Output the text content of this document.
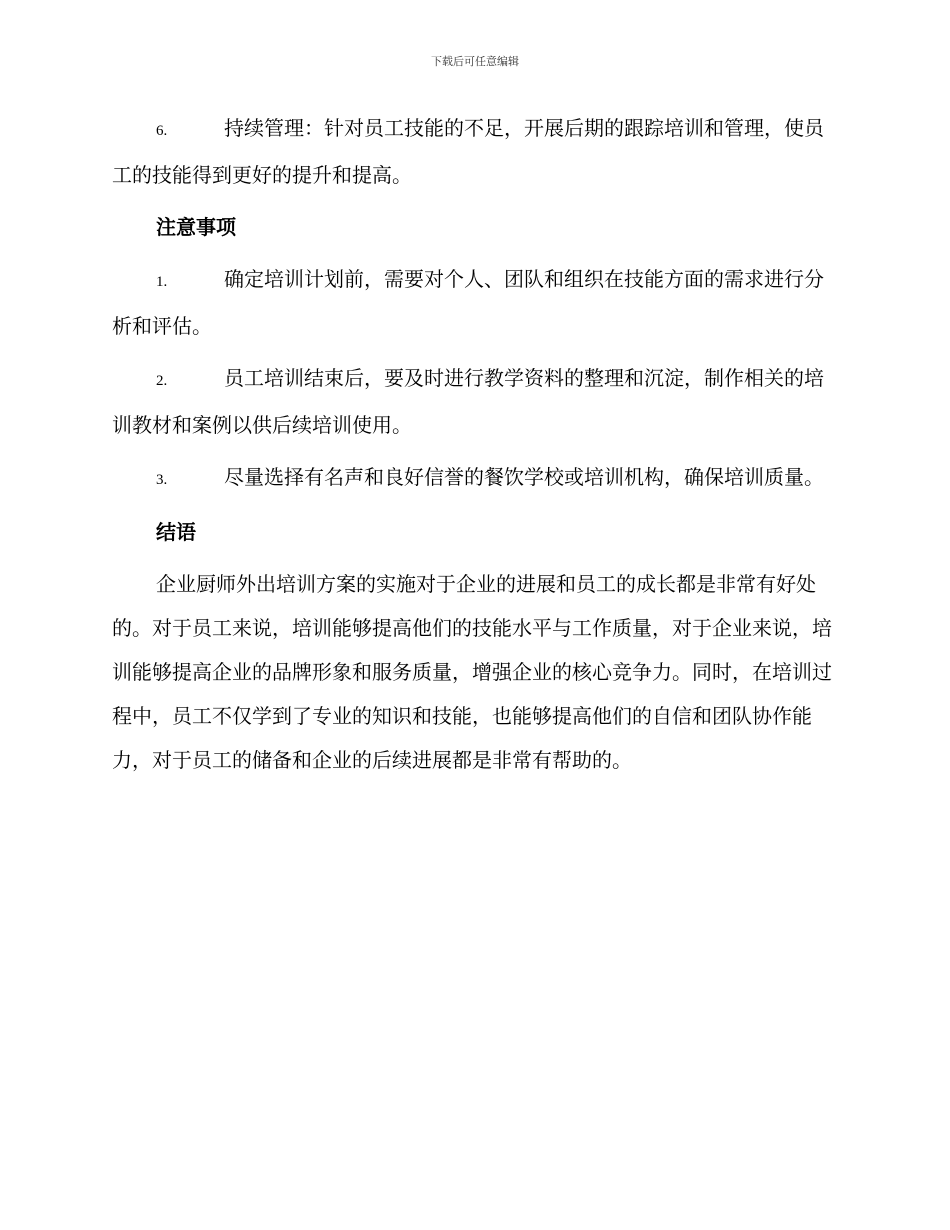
下载后可任意编辑

6.	持续管理：针对员工技能的不足，开展后期的跟踪培训和管理，使员工的技能得到更好的提升和提高。

注意事项

1.	确定培训计划前，需要对个人、团队和组织在技能方面的需求进行分析和评估。

2.	员工培训结束后，要及时进行教学资料的整理和沉淀，制作相关的培训教材和案例以供后续培训使用。

3.	尽量选择有名声和良好信誉的餐饮学校或培训机构，确保培训质量。

结语

企业厨师外出培训方案的实施对于企业的进展和员工的成长都是非常有好处的。对于员工来说，培训能够提高他们的技能水平与工作质量，对于企业来说，培训能够提高企业的品牌形象和服务质量，增强企业的核心竞争力。同时，在培训过程中，员工不仅学到了专业的知识和技能，也能够提高他们的自信和团队协作能力，对于员工的储备和企业的后续进展都是非常有帮助的。
